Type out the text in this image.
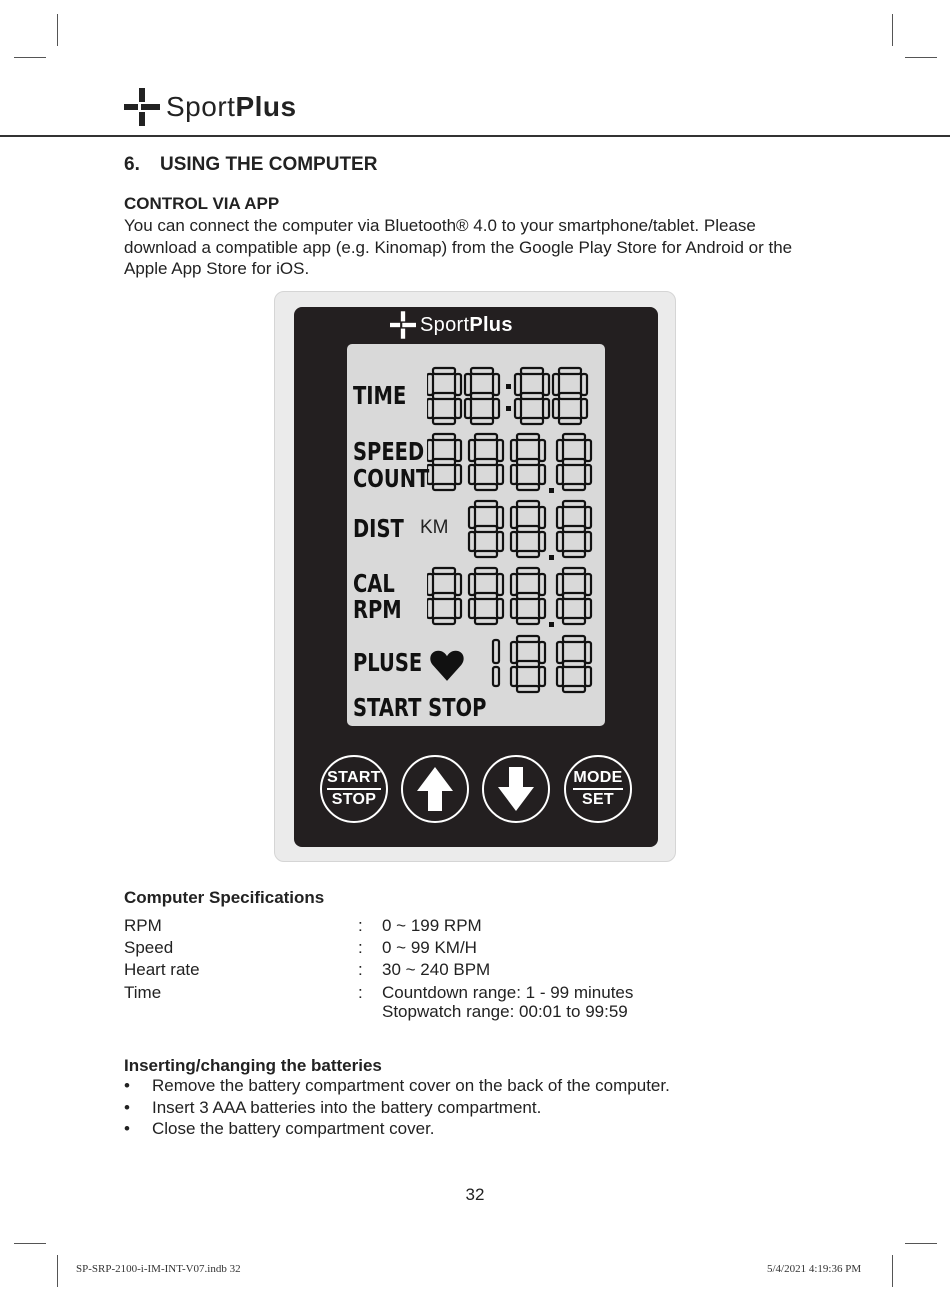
SportPlus
6. USING THE COMPUTER
CONTROL VIA APP
You can connect the computer via Bluetooth® 4.0 to your smartphone/tablet. Please download a compatible app (e.g. Kinomap) from the Google Play Store for Android or the Apple App Store for iOS.
SportPlus
TIME
SPEED
COUNT
DIST KM
CAL
RPM
PLUSE
START STOP
START
STOP
MODE
SET
Computer Specifications
RPM	: 0 ~ 199 RPM
Speed	: 0 ~ 99 KM/H
Heart rate	: 30 ~ 240 BPM
Time	: Countdown range: 1 - 99 minutes
Stopwatch range: 00:01 to 99:59
Inserting/changing the batteries
• Remove the battery compartment cover on the back of the computer.
• Insert 3 AAA batteries into the battery compartment.
• Close the battery compartment cover.
32
SP-SRP-2100-i-IM-INT-V07.indb 32	5/4/2021 4:19:36 PM
